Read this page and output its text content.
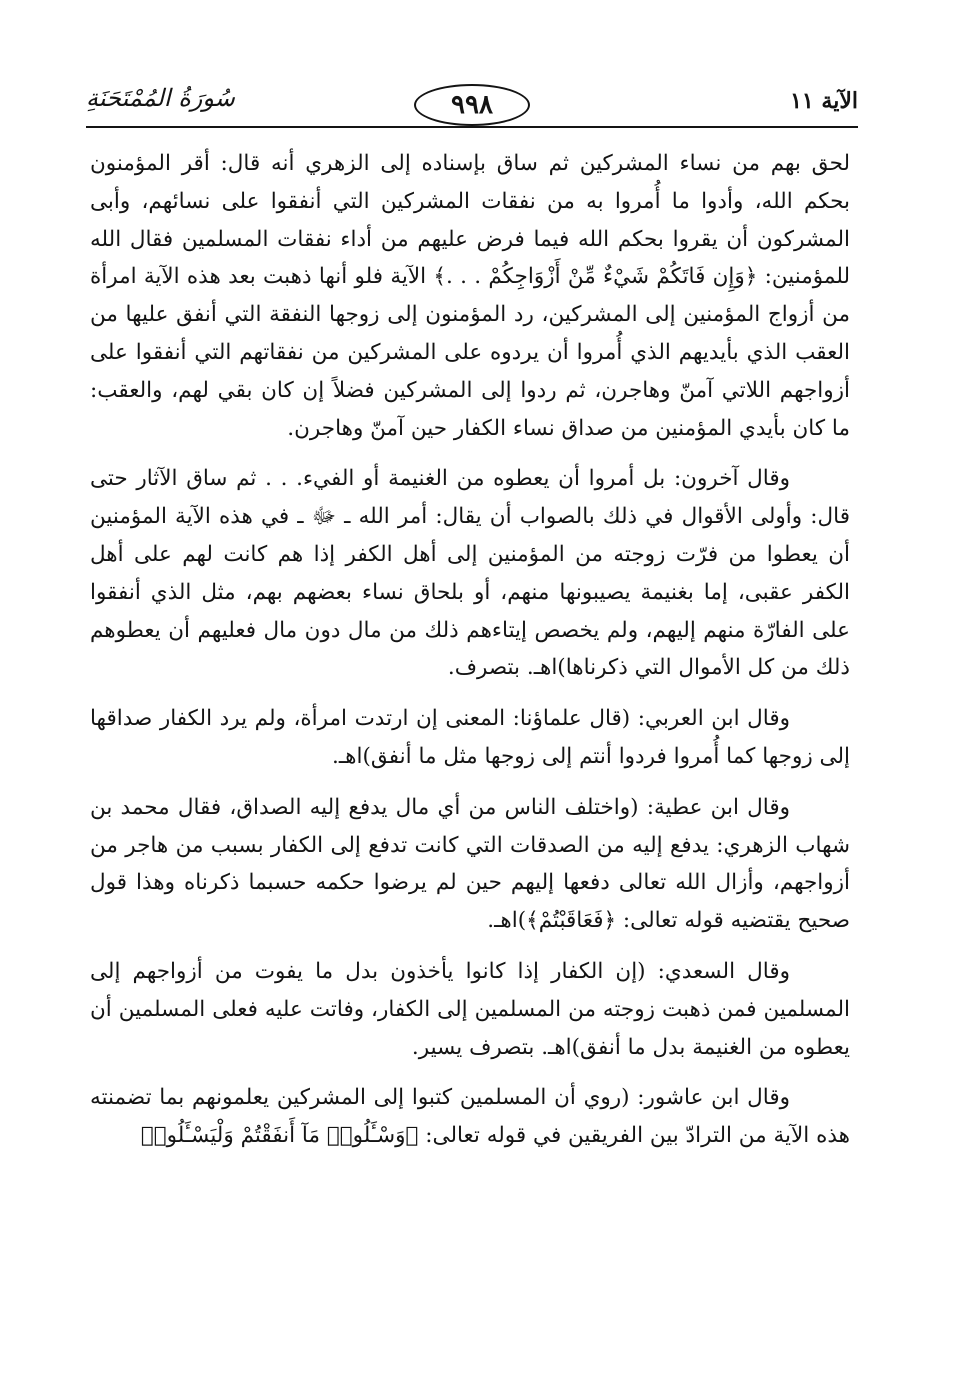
الآية ١١
٩٩٨
سُورَةُ المُمْتَحَنَةِ

لحق بهم من نساء المشركين ثم ساق بإسناده إلى الزهري أنه قال: أقر المؤمنون بحكم الله، وأدوا ما أُمروا به من نفقات المشركين التي أنفقوا على نسائهم، وأبى المشركون أن يقروا بحكم الله فيما فرض عليهم من أداء نفقات المسلمين فقال الله للمؤمنين: ﴿وَإِن فَاتَكُمْ شَيْءٌ مِّنْ أَزْوَاجِكُمْ . . .﴾ الآية فلو أنها ذهبت بعد هذه الآية امرأة من أزواج المؤمنين إلى المشركين، رد المؤمنون إلى زوجها النفقة التي أنفق عليها من العقب الذي بأيديهم الذي أُمروا أن يردوه على المشركين من نفقاتهم التي أنفقوا على أزواجهم اللاتي آمنّ وهاجرن، ثم ردوا إلى المشركين فضلاً إن كان بقي لهم، والعقب: ما كان بأيدي المؤمنين من صداق نساء الكفار حين آمنّ وهاجرن.

وقال آخرون: بل أمروا أن يعطوه من الغنيمة أو الفيء. . . ثم ساق الآثار حتى قال: وأولى الأقوال في ذلك بالصواب أن يقال: أمر الله ـ ﷻ ـ في هذه الآية المؤمنين أن يعطوا من فرّت زوجته من المؤمنين إلى أهل الكفر إذا هم كانت لهم على أهل الكفر عقبى، إما بغنيمة يصيبونها منهم، أو بلحاق نساء بعضهم بهم، مثل الذي أنفقوا على الفارّة منهم إليهم، ولم يخصص إيتاءهم ذلك من مال دون مال فعليهم أن يعطوهم ذلك من كل الأموال التي ذكرناها)اهـ. بتصرف.

وقال ابن العربي: (قال علماؤنا: المعنى إن ارتدت امرأة، ولم يرد الكفار صداقها إلى زوجها كما أُمروا فردوا أنتم إلى زوجها مثل ما أنفق)اهـ.

وقال ابن عطية: (واختلف الناس من أي مال يدفع إليه الصداق، فقال محمد بن شهاب الزهري: يدفع إليه من الصدقات التي كانت تدفع إلى الكفار بسبب من هاجر من أزواجهم، وأزال الله تعالى دفعها إليهم حين لم يرضوا حكمه حسبما ذكرناه وهذا قول صحيح يقتضيه قوله تعالى: ﴿فَعَاقَبْتُمْ﴾)اهـ.

وقال السعدي: (إن الكفار إذا كانوا يأخذون بدل ما يفوت من أزواجهم إلى المسلمين فمن ذهبت زوجته من المسلمين إلى الكفار، وفاتت عليه فعلى المسلمين أن يعطوه من الغنيمة بدل ما أنفق)اهـ. بتصرف يسير.

وقال ابن عاشور: (روي أن المسلمين كتبوا إلى المشركين يعلمونهم بما تضمنته هذه الآية من الترادّ بين الفريقين في قوله تعالى: ﴿وَسْـَٔلُوا۟ مَآ أَنفَقْتُمْ وَلْيَسْـَٔلُوا۟
